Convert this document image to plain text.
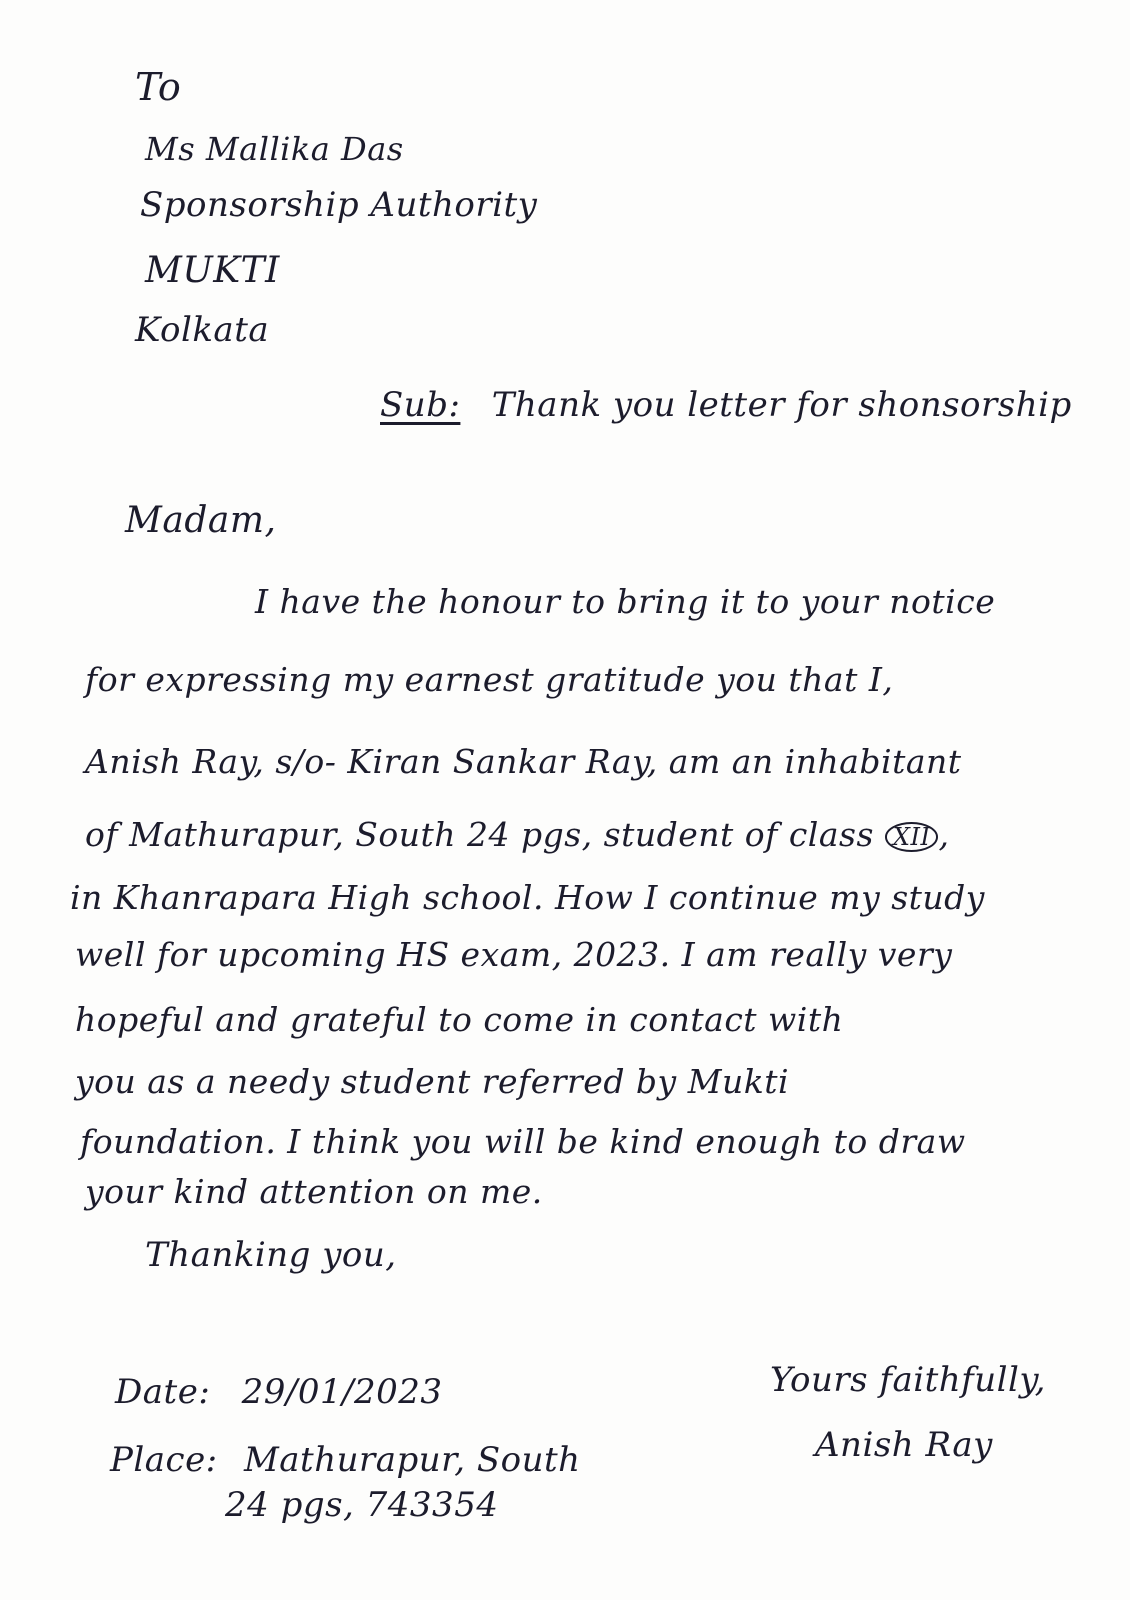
To
Ms Mallika Das
Sponsorship Authority
MUKTI
Kolkata
Sub: Thank you letter for shonsorship
Madam,
I have the honour to bring it to your notice
for expressing my earnest gratitude you that I,
Anish Ray, s/o- Kiran Sankar Ray, am an inhabitant
of Mathurapur, South 24 pgs, student of class XII ,
in Khanrapara High school. How I continue my study
well for upcoming HS exam, 2023. I am really very
hopeful and grateful to come in contact with
you as a needy student referred by Mukti
foundation. I think you will be kind enough to draw
your kind attention on me.
Thanking you,
Date: 29/01/2023
Place: Mathurapur, South
24 pgs, 743354
Yours faithfully,
Anish Ray
